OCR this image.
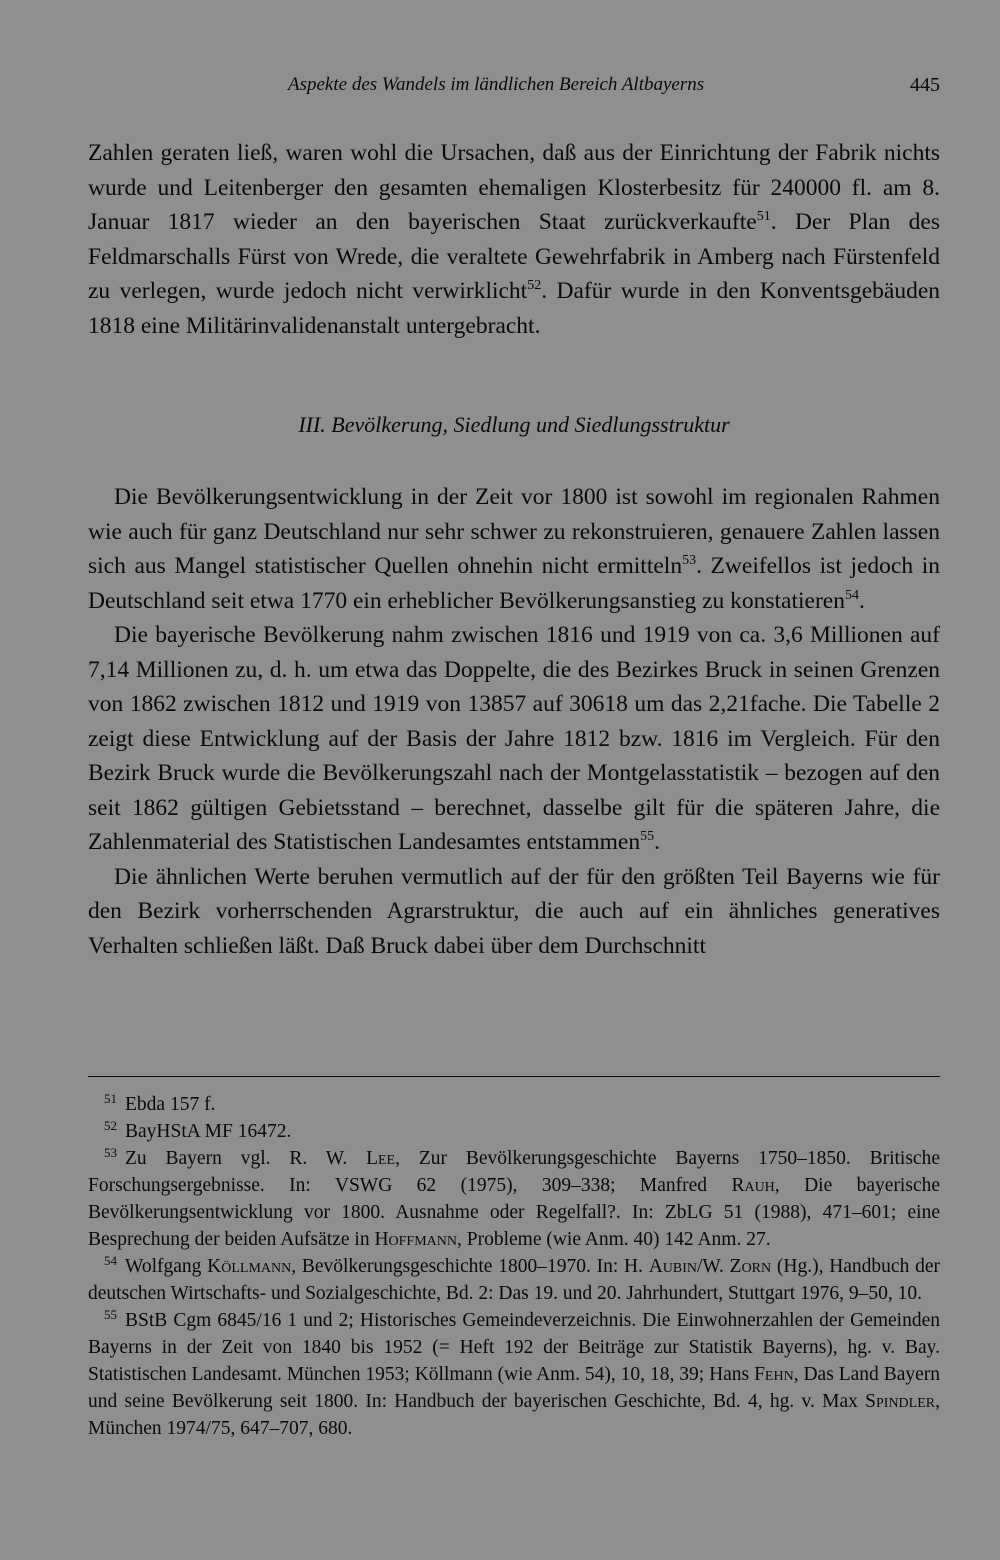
Aspekte des Wandels im ländlichen Bereich Altbayerns	445

Zahlen geraten ließ, waren wohl die Ursachen, daß aus der Einrichtung der Fabrik nichts wurde und Leitenberger den gesamten ehemaligen Klosterbesitz für 240000 fl. am 8. Januar 1817 wieder an den bayerischen Staat zurückverkaufte$^{51}$. Der Plan des Feldmarschalls Fürst von Wrede, die veraltete Gewehrfabrik in Amberg nach Fürstenfeld zu verlegen, wurde jedoch nicht verwirklicht$^{52}$. Dafür wurde in den Konventsgebäuden 1818 eine Militärinvalidenanstalt untergebracht.

III. Bevölkerung, Siedlung und Siedlungsstruktur

Die Bevölkerungsentwicklung in der Zeit vor 1800 ist sowohl im regionalen Rahmen wie auch für ganz Deutschland nur sehr schwer zu rekonstruieren, genauere Zahlen lassen sich aus Mangel statistischer Quellen ohnehin nicht ermitteln$^{53}$. Zweifellos ist jedoch in Deutschland seit etwa 1770 ein erheblicher Bevölkerungsanstieg zu konstatieren$^{54}$.

Die bayerische Bevölkerung nahm zwischen 1816 und 1919 von ca. 3,6 Millionen auf 7,14 Millionen zu, d. h. um etwa das Doppelte, die des Bezirkes Bruck in seinen Grenzen von 1862 zwischen 1812 und 1919 von 13857 auf 30618 um das 2,21fache. Die Tabelle 2 zeigt diese Entwicklung auf der Basis der Jahre 1812 bzw. 1816 im Vergleich. Für den Bezirk Bruck wurde die Bevölkerungszahl nach der Montgelasstatistik – bezogen auf den seit 1862 gültigen Gebietsstand – berechnet, dasselbe gilt für die späteren Jahre, die Zahlenmaterial des Statistischen Landesamtes entstammen$^{55}$.

Die ähnlichen Werte beruhen vermutlich auf der für den größten Teil Bayerns wie für den Bezirk vorherrschenden Agrarstruktur, die auch auf ein ähnliches generatives Verhalten schließen läßt. Daß Bruck dabei über dem Durchschnitt

$^{51}$ Ebda 157 f.

$^{52}$ BayHStA MF 16472.

$^{53}$ Zu Bayern vgl. R. W. Lee, Zur Bevölkerungsgeschichte Bayerns 1750–1850. Britische Forschungsergebnisse. In: VSWG 62 (1975), 309–338; Manfred Rauh, Die bayerische Bevölkerungsentwicklung vor 1800. Ausnahme oder Regelfall?. In: ZbLG 51 (1988), 471–601; eine Besprechung der beiden Aufsätze in Hoffmann, Probleme (wie Anm. 40) 142 Anm. 27.

$^{54}$ Wolfgang Köllmann, Bevölkerungsgeschichte 1800–1970. In: H. Aubin/W. Zorn (Hg.), Handbuch der deutschen Wirtschafts- und Sozialgeschichte, Bd. 2: Das 19. und 20. Jahrhundert, Stuttgart 1976, 9–50, 10.

$^{55}$ BStB Cgm 6845/16 1 und 2; Historisches Gemeindeverzeichnis. Die Einwohnerzahlen der Gemeinden Bayerns in der Zeit von 1840 bis 1952 (= Heft 192 der Beiträge zur Statistik Bayerns), hg. v. Bay. Statistischen Landesamt. München 1953; Köllmann (wie Anm. 54), 10, 18, 39; Hans Fehn, Das Land Bayern und seine Bevölkerung seit 1800. In: Handbuch der bayerischen Geschichte, Bd. 4, hg. v. Max Spindler, München 1974/75, 647–707, 680.
